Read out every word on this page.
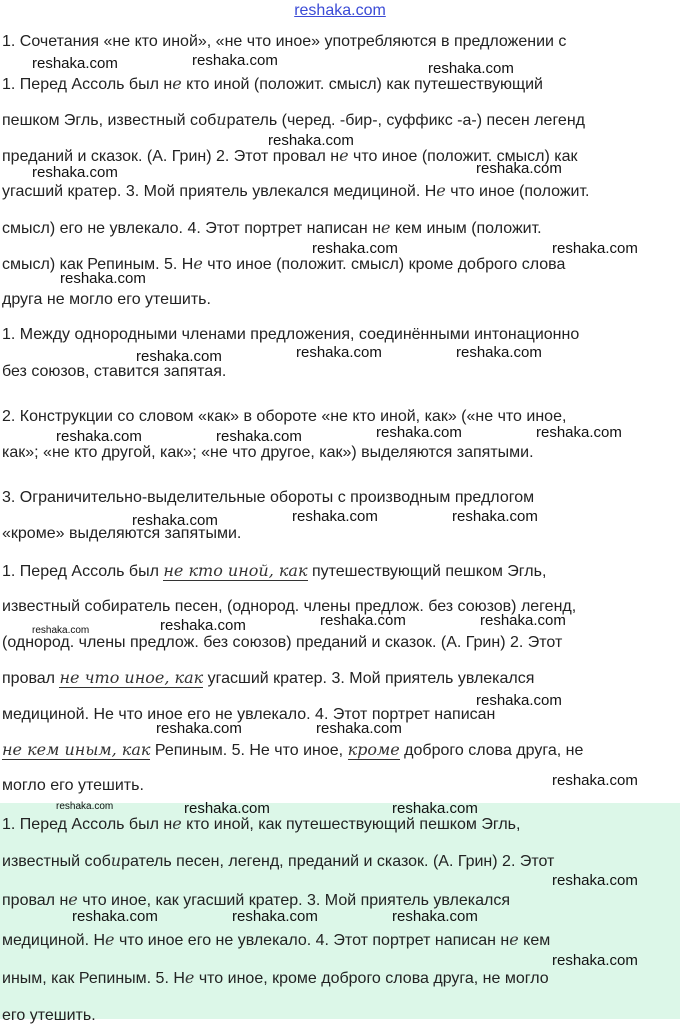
reshaka.com
1. Сочетания «не кто иной», «не что иное» употребляются в предложении с
1. Перед Ассоль был не кто иной (положит. смысл) как путешествующий
пешком Эгль, известный собиратель (черед. -бир-, суффикс -а-) песен легенд
преданий и сказок. (А. Грин) 2. Этот провал не что иное (положит. смысл) как
угасший кратер. 3. Мой приятель увлекался медициной. Не что иное (положит.
смысл) его не увлекало. 4. Этот портрет написан не кем иным (положит.
смысл) как Репиным. 5. Не что иное (положит. смысл) кроме доброго слова
друга не могло его утешить.
1. Между однородными членами предложения, соединёнными интонационно
без союзов, ставится запятая.
2. Конструкции со словом «как» в обороте «не кто иной, как» («не что иное,
как»; «не кто другой, как»; «не что другое, как») выделяются запятыми.
3. Ограничительно-выделительные обороты с производным предлогом
«кроме» выделяются запятыми.
1. Перед Ассоль был не кто иной, как путешествующий пешком Эгль,
известный собиратель песен, (однород. члены предлож. без союзов) легенд,
(однород. члены предлож. без союзов) преданий и сказок. (А. Грин) 2. Этот
провал не что иное, как угасший кратер. 3. Мой приятель увлекался
медициной. Не что иное его не увлекало. 4. Этот портрет написан
не кем иным, как Репиным. 5. Не что иное, кроме доброго слова друга, не
могло его утешить.
1. Перед Ассоль был не кто иной, как путешествующий пешком Эгль,
известный собиратель песен, легенд, преданий и сказок. (А. Грин) 2. Этот
провал не что иное, как угасший кратер. 3. Мой приятель увлекался
медициной. Не что иное его не увлекало. 4. Этот портрет написан не кем
иным, как Репиным. 5. Не что иное, кроме доброго слова друга, не могло
его утешить.
reshaka.com	reshaka.com	reshaka.com
reshaka.com
reshaka.com	reshaka.com
reshaka.com	reshaka.com
reshaka.com
reshaka.com	reshaka.com	reshaka.com
reshaka.com	reshaka.com	reshaka.com	reshaka.com
reshaka.com	reshaka.com	reshaka.com
reshaka.com	reshaka.com	reshaka.com	reshaka.com
reshaka.com
reshaka.com	reshaka.com
reshaka.com
reshaka.com	reshaka.com	reshaka.com
reshaka.com
reshaka.com	reshaka.com	reshaka.com
reshaka.com
